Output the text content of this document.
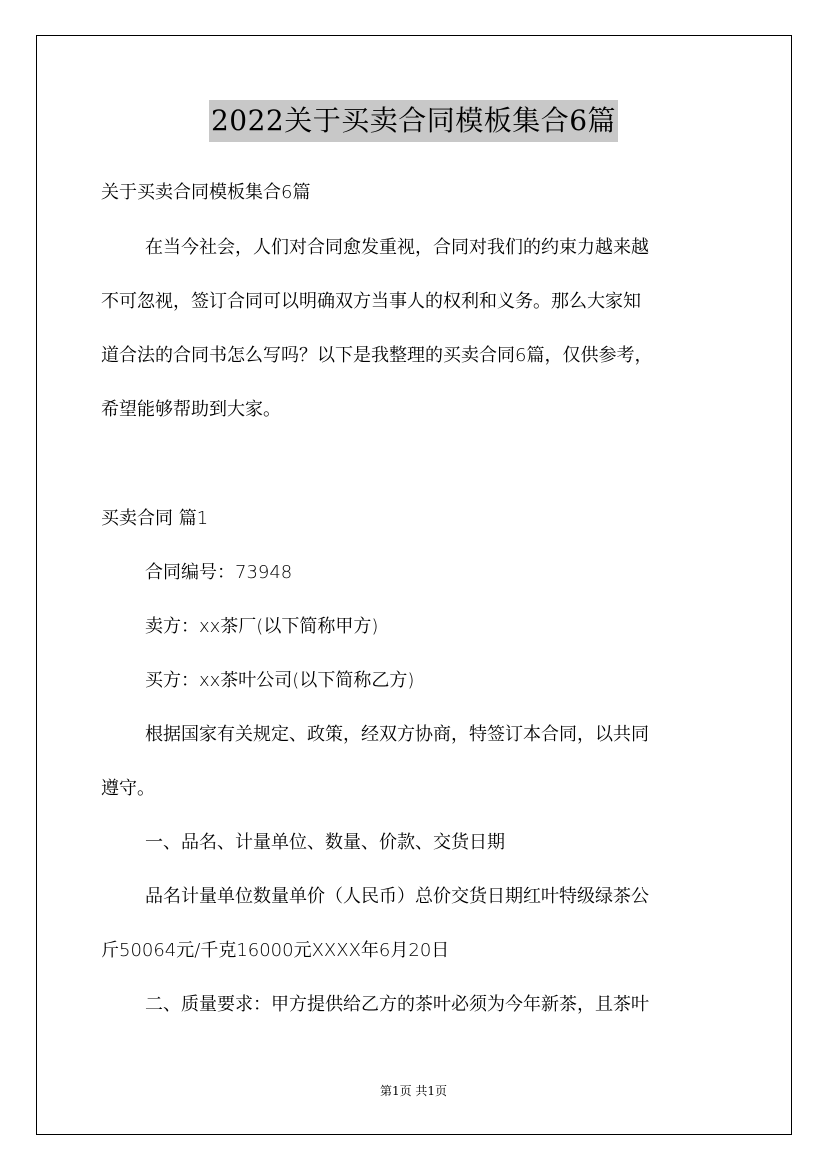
2022关于买卖合同模板集合6篇
关于买卖合同模板集合6篇
在当今社会，人们对合同愈发重视，合同对我们的约束力越来越
不可忽视，签订合同可以明确双方当事人的权利和义务。那么大家知
道合法的合同书怎么写吗？以下是我整理的买卖合同6篇，仅供参考，
希望能够帮助到大家。
买卖合同 篇1
合同编号：73948
卖方：xx茶厂(以下简称甲方)
买方：xx茶叶公司(以下简称乙方)
根据国家有关规定、政策，经双方协商，特签订本合同，以共同
遵守。
一、品名、计量单位、数量、价款、交货日期
品名计量单位数量单价（人民币）总价交货日期红叶特级绿茶公
斤50064元/千克16000元XXXX年6月20日
二、质量要求：甲方提供给乙方的茶叶必须为今年新茶，且茶叶
第1页 共1页
